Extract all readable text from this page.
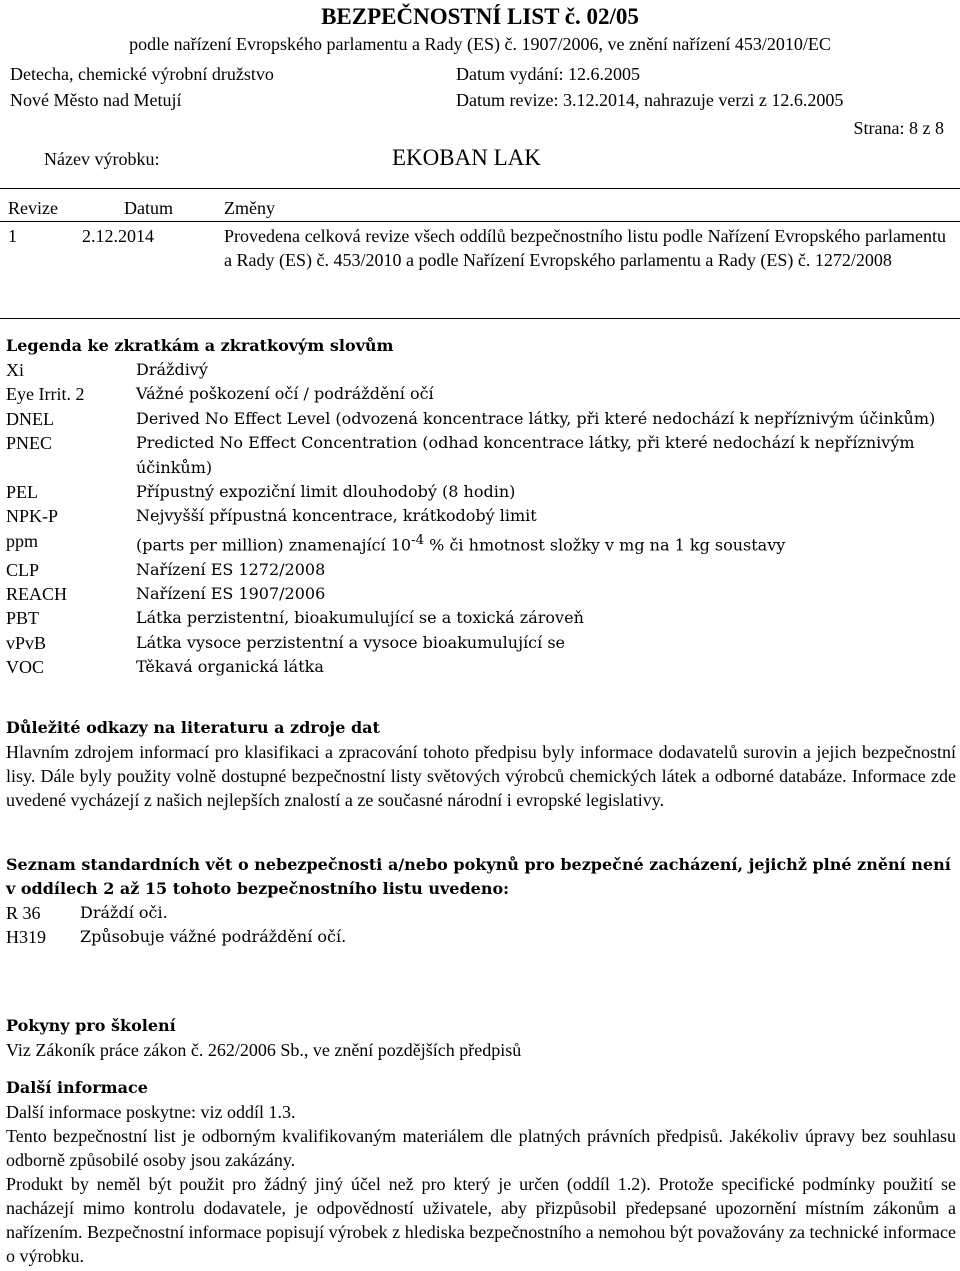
BEZPEČNOSTNÍ LIST č. 02/05
podle nařízení Evropského parlamentu a Rady (ES) č. 1907/2006, ve znění nařízení 453/2010/EC
Detecha, chemické výrobní družstvo
Nové Město nad Metují
Datum vydání: 12.6.2005
Datum revize: 3.12.2014, nahrazuje verzi z 12.6.2005
Strana: 8 z 8
Název výrobku:	EKOBAN LAK
Revize	Datum	Změny
1	2.12.2014	Provedena celková revize všech oddílů bezpečnostního listu podle Nařízení Evropského parlamentu a Rady (ES) č. 453/2010 a podle Nařízení Evropského parlamentu a Rady (ES) č. 1272/2008
Legenda ke zkratkám a zkratkovým slovům
Xi	Dráždivý
Eye Irrit. 2	Vážné poškození očí / podráždění očí
DNEL	Derived No Effect Level (odvozená koncentrace látky, při které nedochází k nepříznivým účinkům)
PNEC	Predicted No Effect Concentration (odhad koncentrace látky, při které nedochází k nepříznivým účinkům)
PEL	Přípustný expoziční limit dlouhodobý (8 hodin)
NPK-P	Nejvyšší přípustná koncentrace, krátkodobý limit
ppm	(parts per million) znamenající $10^{-4}$ % či hmotnost složky v mg na 1 kg soustavy
CLP	Nařízení ES 1272/2008
REACH	Nařízení ES 1907/2006
PBT	Látka perzistentní, bioakumulující se a toxická zároveň
vPvB	Látka vysoce perzistentní a vysoce bioakumulující se
VOC	Těkavá organická látka
Důležité odkazy na literaturu a zdroje dat
Hlavním zdrojem informací pro klasifikaci a zpracování tohoto předpisu byly informace dodavatelů surovin a jejich bezpečnostní lisy. Dále byly použity volně dostupné bezpečnostní listy světových výrobců chemických látek a odborné databáze. Informace zde uvedené vycházejí z našich nejlepších znalostí a ze současné národní i evropské legislativy.
Seznam standardních vět o nebezpečnosti a/nebo pokynů pro bezpečné zacházení, jejichž plné znění není v oddílech 2 až 15 tohoto bezpečnostního listu uvedeno:
R 36	Dráždí oči.
H319	Způsobuje vážné podráždění očí.
Pokyny pro školení
Viz Zákoník práce zákon č. 262/2006 Sb., ve znění pozdějších předpisů
Další informace
Další informace poskytne: viz oddíl 1.3.
Tento bezpečnostní list je odborným kvalifikovaným materiálem dle platných právních předpisů. Jakékoliv úpravy bez souhlasu odborně způsobilé osoby jsou zakázány.
Produkt by neměl být použit pro žádný jiný účel než pro který je určen (oddíl 1.2). Protože specifické podmínky použití se nacházejí mimo kontrolu dodavatele, je odpovědností uživatele, aby přizpůsobil předepsané upozornění místním zákonům a nařízením. Bezpečnostní informace popisují výrobek z hlediska bezpečnostního a nemohou být považovány za technické informace o výrobku.
